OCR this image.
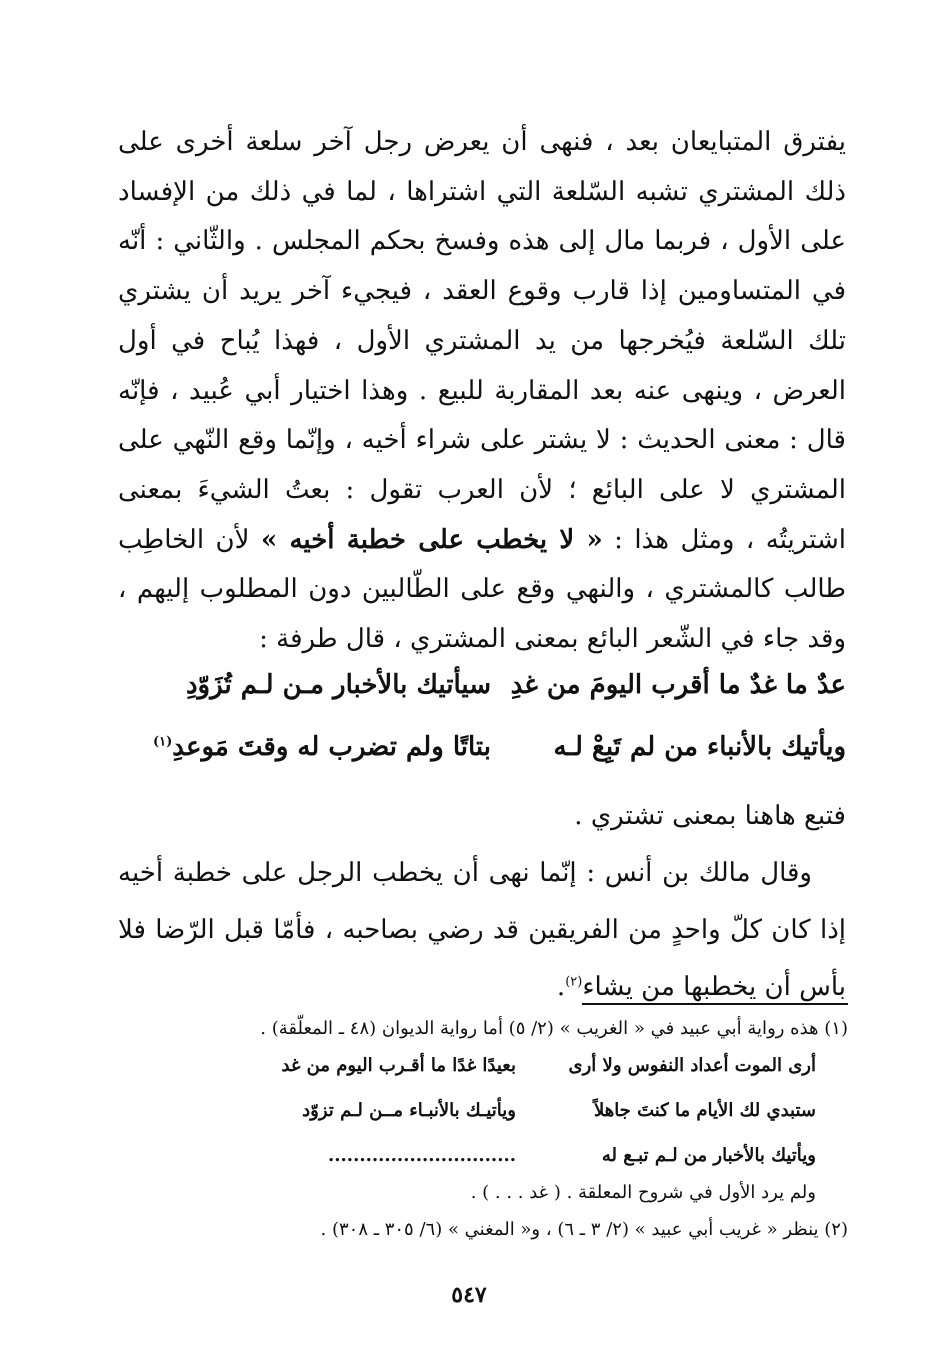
يفترق المتبايعان بعد ، فنهى أن يعرض رجل آخر سلعة أخرى على ذلك المشتري تشبه السّلعة التي اشتراها ، لما في ذلك من الإفساد على الأول ، فربما مال إلى هذه وفسخ بحكم المجلس . والثّاني : أنّه في المتساومين إذا قارب وقوع العقد ، فيجيء آخر يريد أن يشتري تلك السّلعة فيُخرجها من يد المشتري الأول ، فهذا يُباح في أول العرض ، وينهى عنه بعد المقاربة للبيع . وهذا اختيار أبي عُبيد ، فإنّه قال : معنى الحديث : لا يشتر على شراء أخيه ، وإنّما وقع النّهي على المشتري لا على البائع ؛ لأن العرب تقول : بعتُ الشيءَ بمعنى اشتريتُه ، ومثل هذا : « لا يخطب على خطبة أخيه » لأن الخاطِب طالب كالمشتري ، والنهي وقع على الطّالبين دون المطلوب إليهم ، وقد جاء في الشّعر البائع بمعنى المشتري ، قال طرفة :

عدٌ ما غدٌ ما أقرب اليومَ من غدِ
سيأتيك بالأخبار مـن لـم تُزَوّدِ
ويأتيك بالأنباء من لم تَبِعْ لـه
بتاتًا ولم تضرب له وقتَ مَوعدِ$^{(١)}$

فتبع هاهنا بمعنى تشتري .

وقال مالك بن أنس : إنّما نهى أن يخطب الرجل على خطبة أخيه إذا كان كلّ واحدٍ من الفريقين قد رضي بصاحبه ، فأمّا قبل الرّضا فلا بأس أن يخطبها من يشاء$^{(٢)}$.

(١) هذه رواية أبي عبيد في « الغريب » (٢/ ٥) أما رواية الديوان (٤٨ ـ المعلّقة) .

أرى الموت أعداد النفوس ولا أرى
بعيدًا غدًا ما أقـرب اليوم من غد
ستبدي لك الأيام ما كنتَ جاهلاً
ويأتيـك بالأنبـاء مــن لـم تزوّد
ويأتيك بالأخبار من لـم تبـع له
..............................

ولم يرد الأول في شروح المعلقة . ( غد . . . ) .

(٢) ينظر « غريب أبي عبيد » (٢/ ٣ ـ ٦) ، و« المغني » (٦/ ٣٠٥ ـ ٣٠٨) .

٥٤٧
